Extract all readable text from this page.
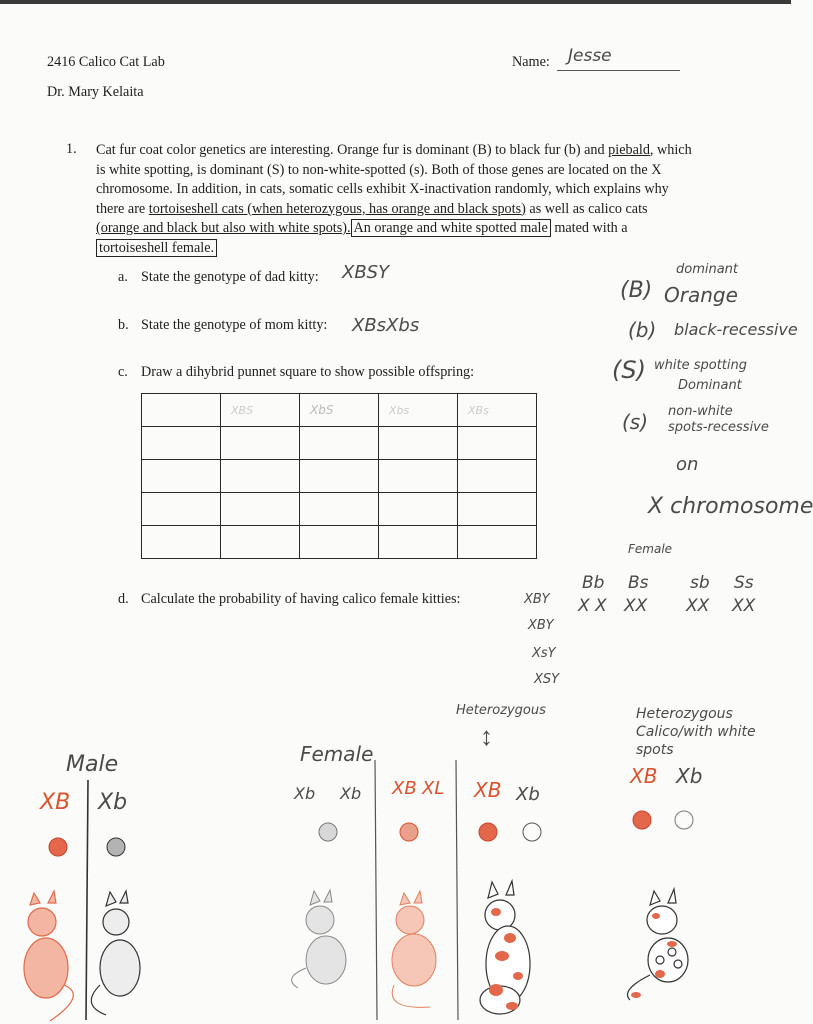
2416 Calico Cat Lab
Dr. Mary Kelaita
Name: Jesse
1. Cat fur coat color genetics are interesting. Orange fur is dominant (B) to black fur (b) and piebald, which

is white spotting, is dominant (S) to non-white-spotted (s). Both of those genes are located on the X

chromosome. In addition, in cats, somatic cells exhibit X-inactivation randomly, which explains why

there are tortoiseshell cats (when heterozygous, has orange and black spots) as well as calico cats

(orange and black but also with white spots). An orange and white spotted male mated with a

tortoiseshell female.

a. State the genotype of dad kitty: XBSY
b. State the genotype of mom kitty: XBsXbs
c. Draw a dihybrid punnet square to show possible offspring:
	XBS	XbS	Xbs	XBs

d. Calculate the probability of having calico female kitties:
dominant
(B) Orange
(b) black-recessive
(S) white spotting
Dominant
(s) non-white
spots-recessive
on
X chromosome
Female
Bb Bs sb Ss
X X XX XX XX
XBY
XBY
XsY
XSY
Heterozygous
↕
Male	Female
Heterozygous Calico/with white spots
XB Xb	Xb Xb XB XL XB Xb
XB Xb
